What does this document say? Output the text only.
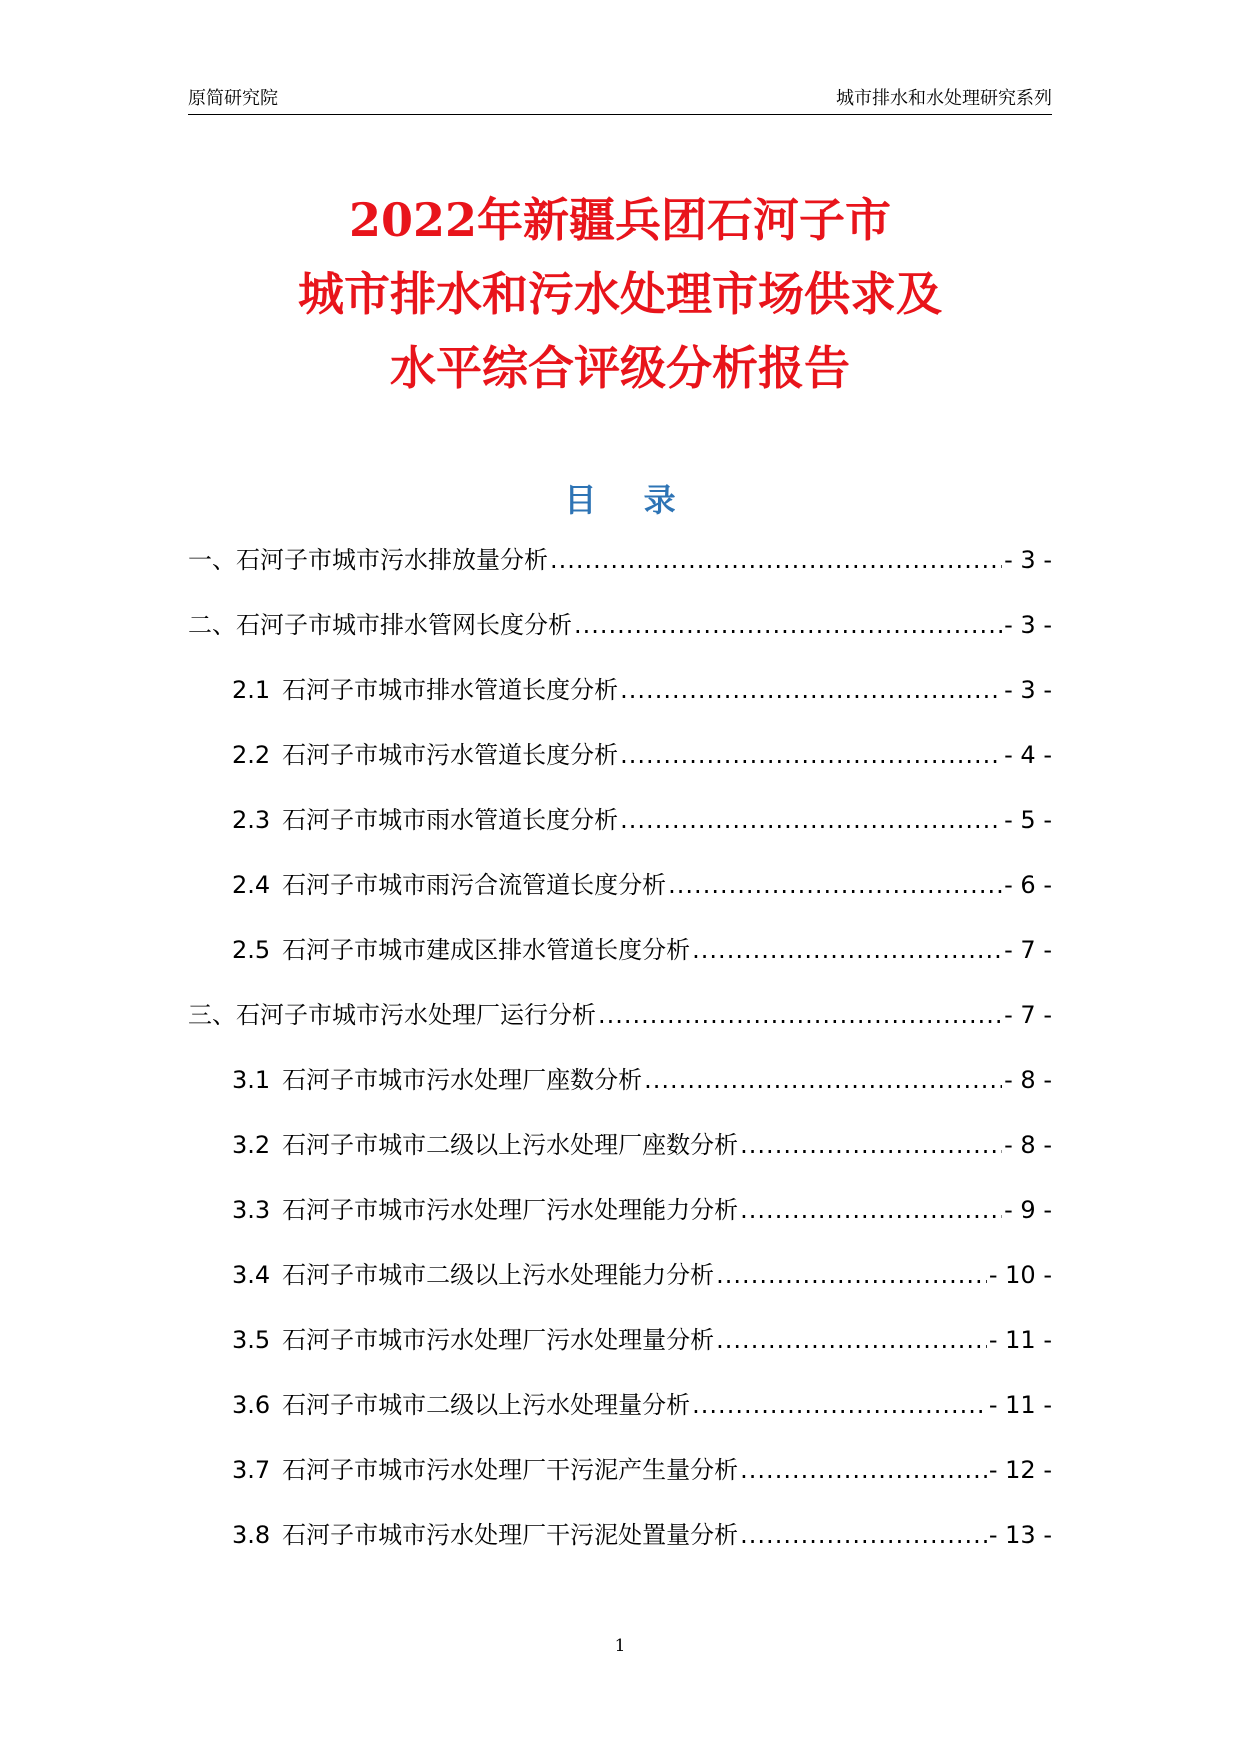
原简研究院	城市排水和水处理研究系列
2022年新疆兵团石河子市
城市排水和污水处理市场供求及
水平综合评级分析报告
目 录
一、石河子市城市污水排放量分析 .....	- 3 -
二、石河子市城市排水管网长度分析 .....	- 3 -
2.1 石河子市城市排水管道长度分析 .....	- 3 -
2.2 石河子市城市污水管道长度分析 .....	- 4 -
2.3 石河子市城市雨水管道长度分析 .....	- 5 -
2.4 石河子市城市雨污合流管道长度分析 .....	- 6 -
2.5 石河子市城市建成区排水管道长度分析 .....	- 7 -
三、石河子市城市污水处理厂运行分析 .....	- 7 -
3.1 石河子市城市污水处理厂座数分析 .....	- 8 -
3.2 石河子市城市二级以上污水处理厂座数分析 .....	- 8 -
3.3 石河子市城市污水处理厂污水处理能力分析 .....	- 9 -
3.4 石河子市城市二级以上污水处理能力分析 .....	- 10 -
3.5 石河子市城市污水处理厂污水处理量分析 .....	- 11 -
3.6 石河子市城市二级以上污水处理量分析 .....	- 11 -
3.7 石河子市城市污水处理厂干污泥产生量分析 .....	- 12 -
3.8 石河子市城市污水处理厂干污泥处置量分析 .....	- 13 -
1
